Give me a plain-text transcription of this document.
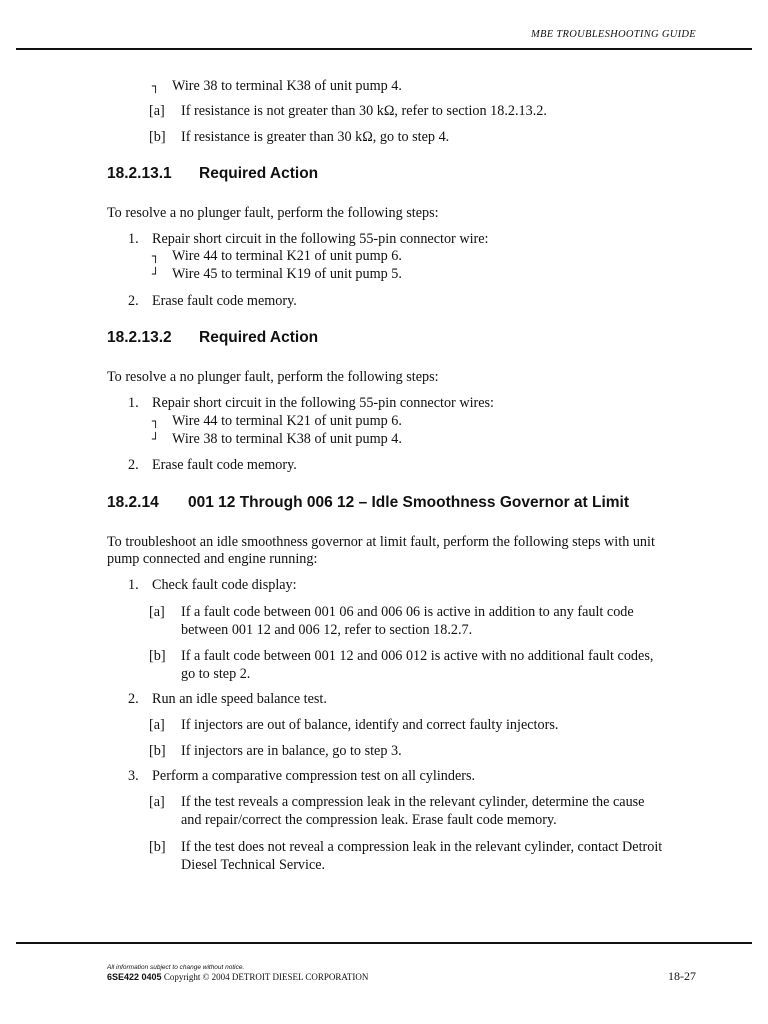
MBE TROUBLESHOOTING GUIDE
┐ Wire 38 to terminal K38 of unit pump 4.
[a] If resistance is not greater than 30 kΩ, refer to section 18.2.13.2.
[b] If resistance is greater than 30 kΩ, go to step 4.
18.2.13.1 Required Action
To resolve a no plunger fault, perform the following steps:
1. Repair short circuit in the following 55-pin connector wire:
┐ Wire 44 to terminal K21 of unit pump 6.
┘ Wire 45 to terminal K19 of unit pump 5.
2. Erase fault code memory.
18.2.13.2 Required Action
To resolve a no plunger fault, perform the following steps:
1. Repair short circuit in the following 55-pin connector wires:
┐ Wire 44 to terminal K21 of unit pump 6.
┘ Wire 38 to terminal K38 of unit pump 4.
2. Erase fault code memory.
18.2.14 001 12 Through 006 12 – Idle Smoothness Governor at Limit
To troubleshoot an idle smoothness governor at limit fault, perform the following steps with unit
pump connected and engine running:
1. Check fault code display:
[a] If a fault code between 001 06 and 006 06 is active in addition to any fault code
between 001 12 and 006 12, refer to section 18.2.7.
[b] If a fault code between 001 12 and 006 012 is active with no additional fault codes,
go to step 2.
2. Run an idle speed balance test.
[a] If injectors are out of balance, identify and correct faulty injectors.
[b] If injectors are in balance, go to step 3.
3. Perform a comparative compression test on all cylinders.
[a] If the test reveals a compression leak in the relevant cylinder, determine the cause
and repair/correct the compression leak. Erase fault code memory.
[b] If the test does not reveal a compression leak in the relevant cylinder, contact Detroit
Diesel Technical Service.
All information subject to change without notice.
6SE422 0405 Copyright © 2004 DETROIT DIESEL CORPORATION	18-27
